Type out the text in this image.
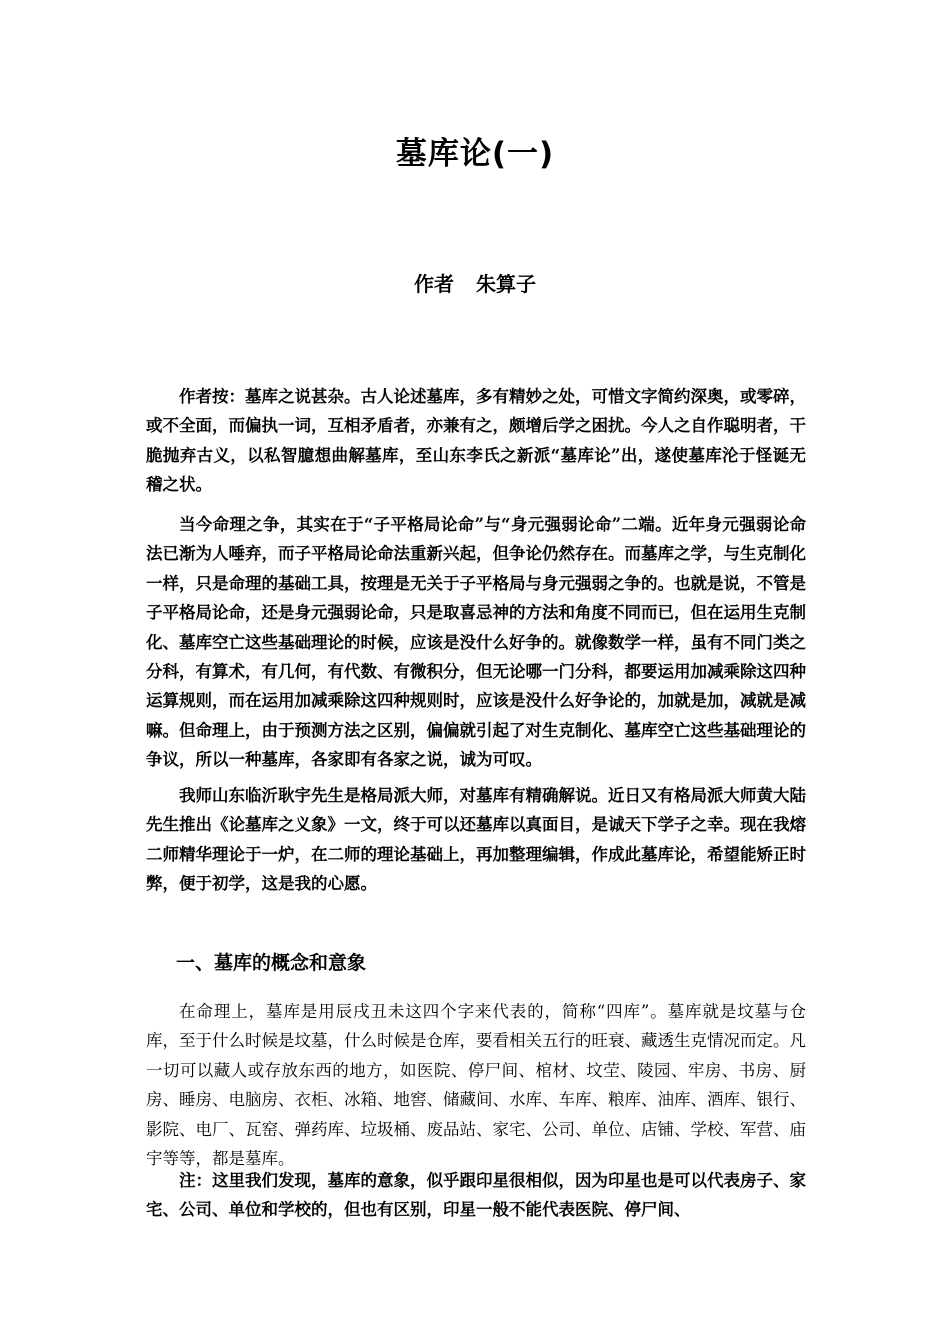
墓库论(一)
作者 朱算子
作者按：墓库之说甚杂。古人论述墓库，多有精妙之处，可惜文字简约深奥，或零碎，或不全面，而偏执一词，互相矛盾者，亦兼有之，颇增后学之困扰。今人之自作聪明者，干脆抛弃古义，以私智臆想曲解墓库，至山东李氏之新派“墓库论”出，遂使墓库沦于怪诞无稽之状。
当今命理之争，其实在于“子平格局论命”与“身元强弱论命”二端。近年身元强弱论命法已渐为人唾弃，而子平格局论命法重新兴起，但争论仍然存在。而墓库之学，与生克制化一样，只是命理的基础工具，按理是无关于子平格局与身元强弱之争的。也就是说，不管是子平格局论命，还是身元强弱论命，只是取喜忌神的方法和角度不同而已，但在运用生克制化、墓库空亡这些基础理论的时候，应该是没什么好争的。就像数学一样，虽有不同门类之分科，有算术，有几何，有代数、有微积分，但无论哪一门分科，都要运用加减乘除这四种运算规则，而在运用加减乘除这四种规则时，应该是没什么好争论的，加就是加，减就是减嘛。但命理上，由于预测方法之区别，偏偏就引起了对生克制化、墓库空亡这些基础理论的争议，所以一种墓库，各家即有各家之说，诚为可叹。
我师山东临沂耿宇先生是格局派大师，对墓库有精确解说。近日又有格局派大师黄大陆先生推出《论墓库之义象》一文，终于可以还墓库以真面目，是诚天下学子之幸。现在我熔二师精华理论于一炉，在二师的理论基础上，再加整理编辑，作成此墓库论，希望能矫正时弊，便于初学，这是我的心愿。
一、墓库的概念和意象
在命理上，墓库是用辰戌丑未这四个字来代表的，简称“四库”。墓库就是坟墓与仓库，至于什么时候是坟墓，什么时候是仓库，要看相关五行的旺衰、藏透生克情况而定。凡一切可以藏人或存放东西的地方，如医院、停尸间、棺材、坟茔、陵园、牢房、书房、厨房、睡房、电脑房、衣柜、冰箱、地窖、储藏间、水库、车库、粮库、油库、酒库、银行、影院、电厂、瓦窑、弹药库、垃圾桶、废品站、家宅、公司、单位、店铺、学校、军营、庙宇等等，都是墓库。
注：这里我们发现，墓库的意象，似乎跟印星很相似，因为印星也是可以代表房子、家宅、公司、单位和学校的，但也有区别，印星一般不能代表医院、停尸间、
